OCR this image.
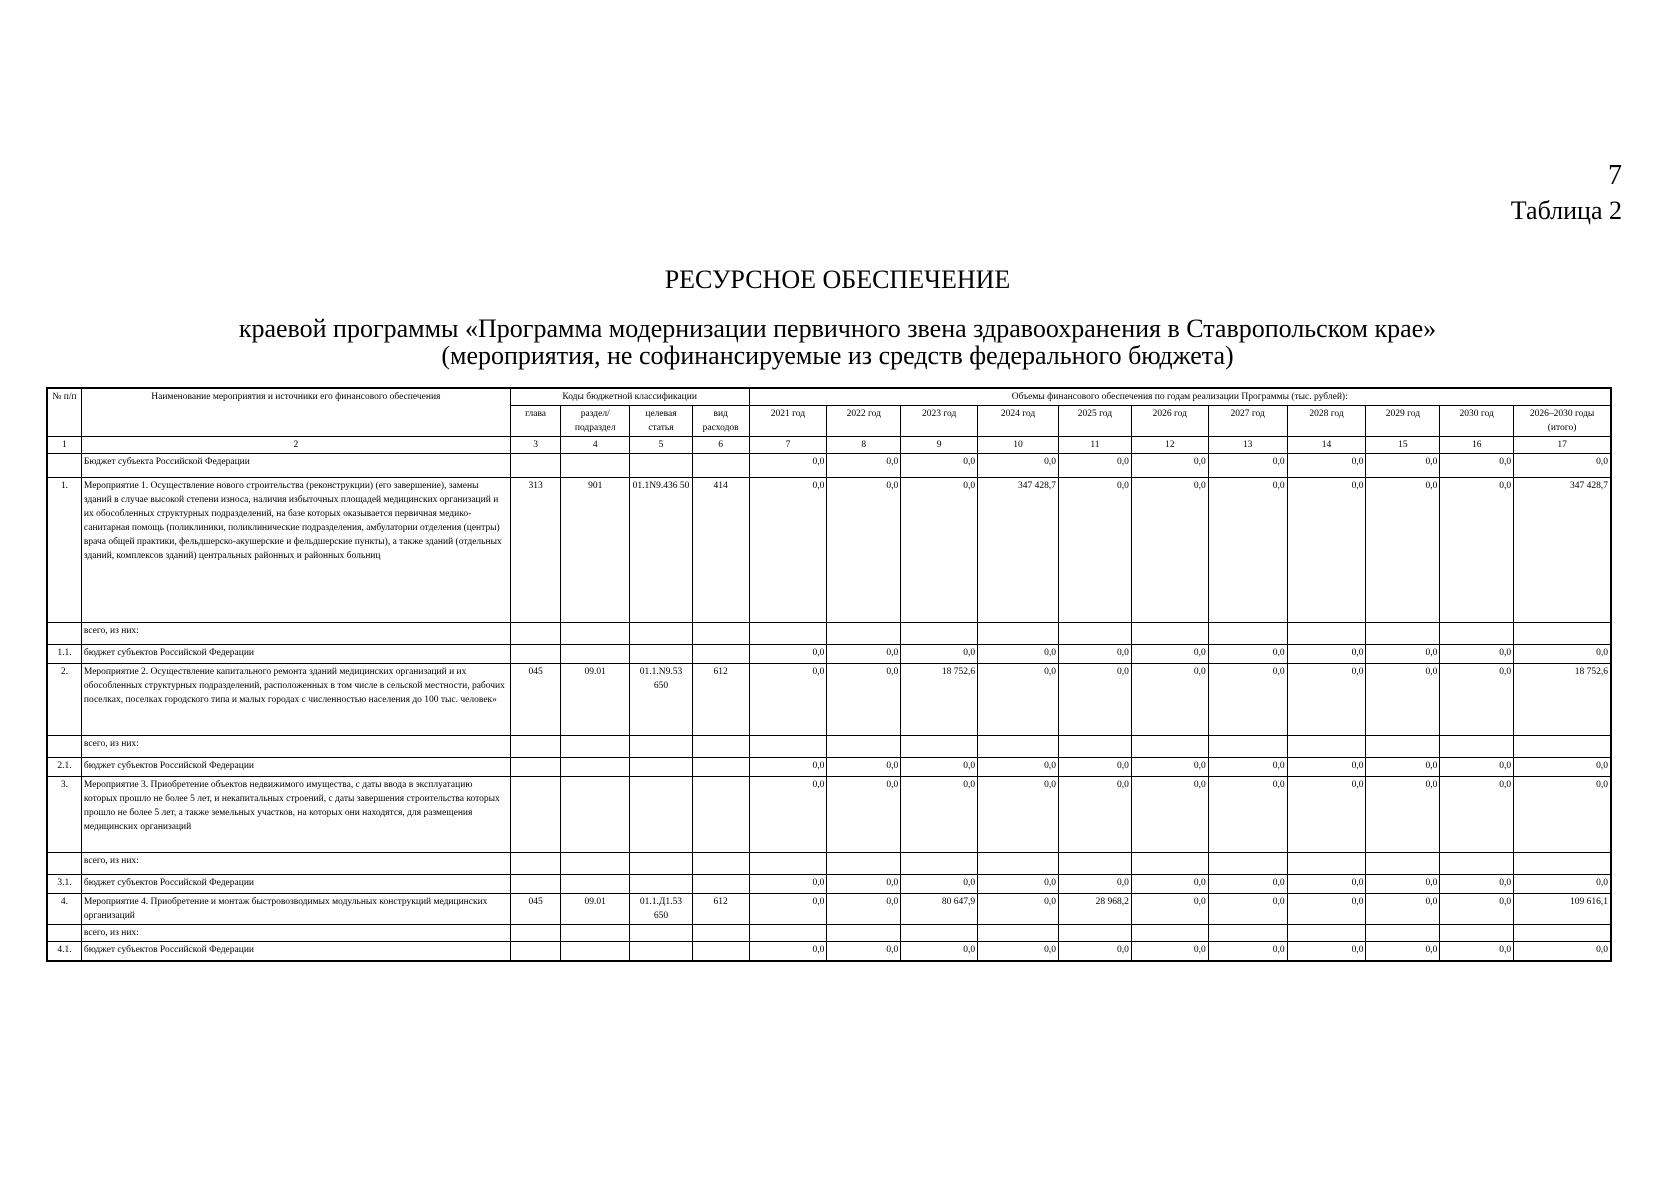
7
Таблица 2
РЕСУРСНОЕ ОБЕСПЕЧЕНИЕ
краевой программы «Программа модернизации первичного звена здравоохранения в Ставропольском крае»
(мероприятия, не софинансируемые из средств федерального бюджета)
№ п/п	Наименование мероприятия и источники его финансового обеспечения	Коды бюджетной классификации				Объемы финансового обеспечения по годам реализации Программы (тыс. рублей):										
		глава	раздел/ подраздел	целевая статья	вид расходов	2021 год	2022 год	2023 год	2024 год	2025 год	2026 год	2027 год	2028 год	2029 год	2030 год	2026–2030 годы (итого)
1	2	3	4	5	6	7	8	9	10	11	12	13	14	15	16	17
	Бюджет субъекта Российской Федерации					0,0	0,0	0,0	0,0	0,0	0,0	0,0	0,0	0,0	0,0	0,0
1.	Мероприятие 1. Осуществление нового строительства (реконструкции) (его завершение), замены зданий в случае высокой степени износа, наличия избыточных площадей медицинских организаций и их обособленных структурных подразделений, на базе которых оказывается первичная медико-санитарная помощь (поликлиники, поликлинические подразделения, амбулатории отделения (центры) врача общей практики, фельдшерско-акушерские и фельдшерские пункты), а также зданий (отдельных зданий, комплексов зданий) центральных районных и районных больниц	313	901	01.1N9.436 50	414	0,0	0,0	0,0	347 428,7	0,0	0,0	0,0	0,0	0,0	0,0	347 428,7
	всего, из них:															
1.1.	бюджет субъектов Российской Федерации					0,0	0,0	0,0	0,0	0,0	0,0	0,0	0,0	0,0	0,0	0,0
2.	Мероприятие 2. Осуществление капитального ремонта зданий медицинских организаций и их обособленных структурных подразделений, расположенных в том числе в сельской местности, рабочих поселках, поселках городского типа и малых городах с численностью населения до 100 тыс. человек»	045	09.01	01.1.N9.53 650	612	0,0	0,0	18 752,6	0,0	0,0	0,0	0,0	0,0	0,0	0,0	18 752,6
	всего, из них:															
2.1.	бюджет субъектов Российской Федерации					0,0	0,0	0,0	0,0	0,0	0,0	0,0	0,0	0,0	0,0	0,0
3.	Мероприятие 3. Приобретение объектов недвижимого имущества, с даты ввода в эксплуатацию которых прошло не более 5 лет, и некапитальных строений, с даты завершения строительства которых прошло не более 5 лет, а также земельных участков, на которых они находятся, для размещения медицинских организаций					0,0	0,0	0,0	0,0	0,0	0,0	0,0	0,0	0,0	0,0	0,0
	всего, из них:															
3.1.	бюджет субъектов Российской Федерации					0,0	0,0	0,0	0,0	0,0	0,0	0,0	0,0	0,0	0,0	0,0
4.	Мероприятие 4. Приобретение и монтаж быстровозводимых модульных конструкций медицинских организаций	045	09.01	01.1.Д1.53 650	612	0,0	0,0	80 647,9	0,0	28 968,2	0,0	0,0	0,0	0,0	0,0	109 616,1
	всего, из них:															
4.1.	бюджет субъектов Российской Федерации					0,0	0,0	0,0	0,0	0,0	0,0	0,0	0,0	0,0	0,0	0,0
